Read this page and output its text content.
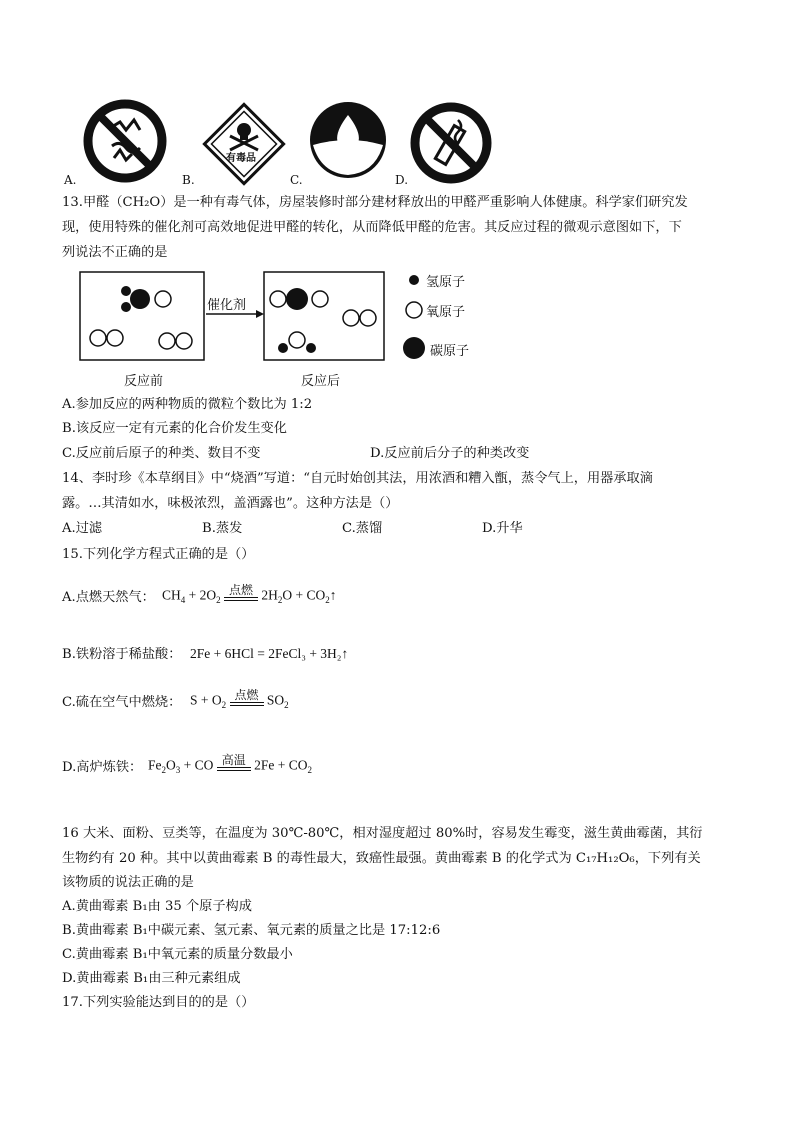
A.
有毒品
B.	C.	D.
13.甲醛（CH₂O）是一种有毒气体，房屋装修时部分建材释放出的甲醛严重影响人体健康。科学家们研究发
现，使用特殊的催化剂可高效地促进甲醛的转化，从而降低甲醛的危害。其反应过程的微观示意图如下，下
列说法不正确的是
催化剂
反应前	反应后
氢原子
氧原子
碳原子
A.参加反应的两种物质的微粒个数比为 1:2
B.该反应一定有元素的化合价发生变化
C.反应前后原子的种类、数目不变	D.反应前后分子的种类改变
14、李时珍《本草纲目》中“烧酒”写道：“自元时始创其法，用浓酒和糟入甑，蒸令气上，用器承取滴
露。…其清如水，味极浓烈，盖酒露也”。这种方法是（）
A.过滤	B.蒸发	C.蒸馏	D.升华
15.下列化学方程式正确的是（）
A.点燃天然气： $CH_4 + 2O_2$
点燃 $2H_2O$ + $CO_2↑$
B.铁粉溶于稀盐酸： 2Fe + 6HCl = 2FeCl₃ + 3H₂↑
C.硫在空气中燃烧： $S + O_2$
点燃 $SO_2$
D.高炉炼铁： $Fe_2O_3$ + CO 高温 $2Fe + CO_2$
16 大米、面粉、豆类等，在温度为 30℃-80℃，相对湿度超过 80%时，容易发生霉变，滋生黄曲霉菌，其衍
生物约有 20 种。其中以黄曲霉素 B 的毒性最大，致癌性最强。黄曲霉素 B 的化学式为 C₁₇H₁₂O₆，下列有关
该物质的说法正确的是
A.黄曲霉素 B₁由 35 个原子构成
B.黄曲霉素 B₁中碳元素、氢元素、氧元素的质量之比是 17:12:6
C.黄曲霉素 B₁中氧元素的质量分数最小
D.黄曲霉素 B₁由三种元素组成
17.下列实验能达到目的的是（）
